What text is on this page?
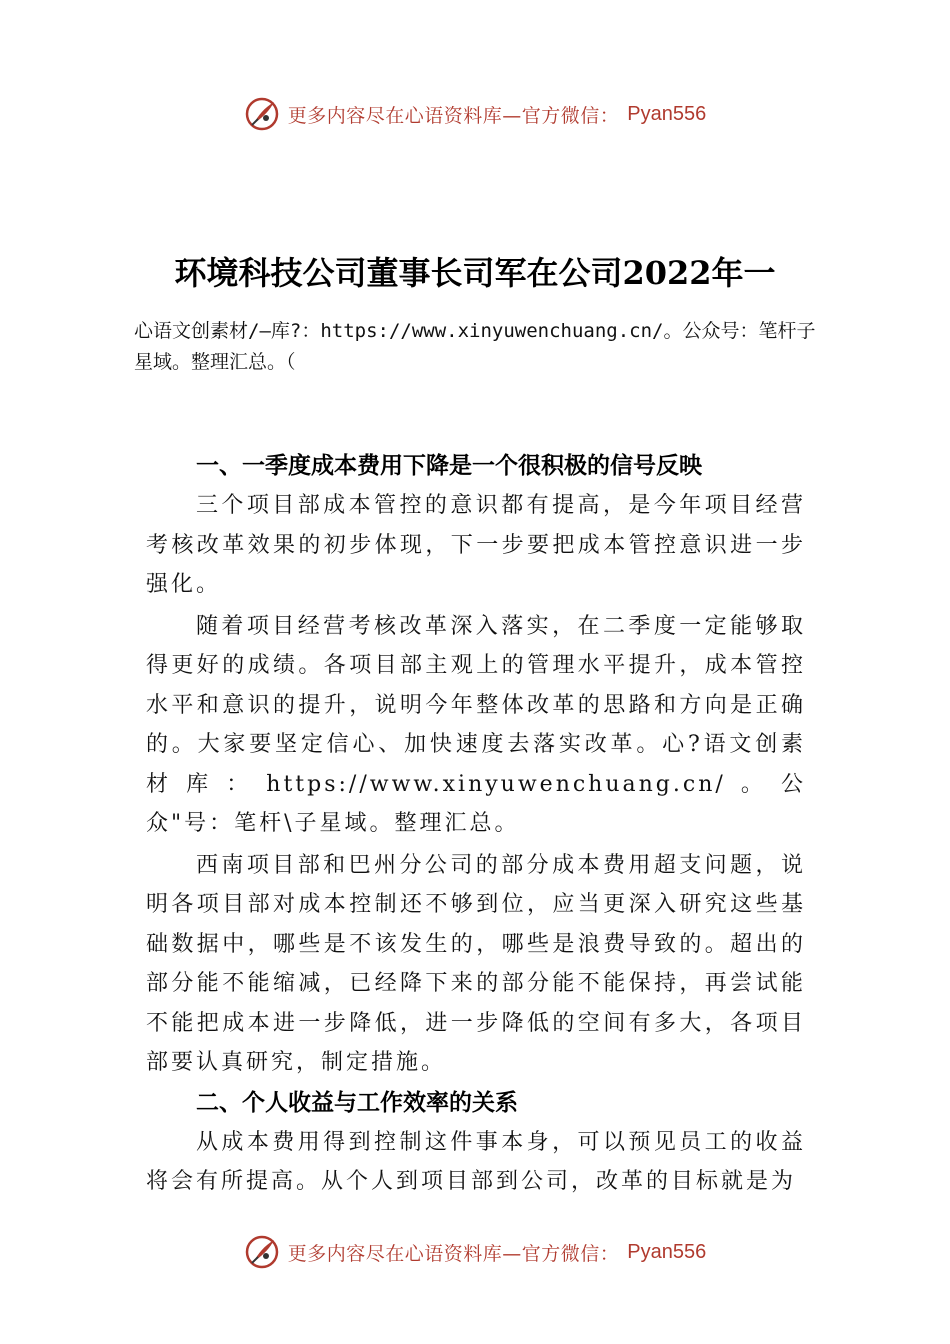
更多内容尽在心语资料库—官方微信： Pyan556
环境科技公司董事长司军在公司2022年一
心语文创素材/—库?：https://www.xinyuwenchuang.cn/。公众号：笔杆子星域。整理汇总。（
一、一季度成本费用下降是一个很积极的信号反映

三个项目部成本管控的意识都有提高，是今年项目经营考核改革效果的初步体现，下一步要把成本管控意识进一步强化。

随着项目经营考核改革深入落实，在二季度一定能够取得更好的成绩。各项目部主观上的管理水平提升，成本管控水平和意识的提升，说明今年整体改革的思路和方向是正确的。大家要坚定信心、加快速度去落实改革。心?语文创素材库：https://www.xinyuwenchuang.cn/。公众"号：笔杆\子星域。整理汇总。

西南项目部和巴州分公司的部分成本费用超支问题，说明各项目部对成本控制还不够到位，应当更深入研究这些基础数据中，哪些是不该发生的，哪些是浪费导致的。超出的部分能不能缩减，已经降下来的部分能不能保持，再尝试能不能把成本进一步降低，进一步降低的空间有多大，各项目部要认真研究，制定措施。

二、个人收益与工作效率的关系

从成本费用得到控制这件事本身，可以预见员工的收益将会有所提高。从个人到项目部到公司，改革的目标就是为

更多内容尽在心语资料库—官方微信： Pyan556
